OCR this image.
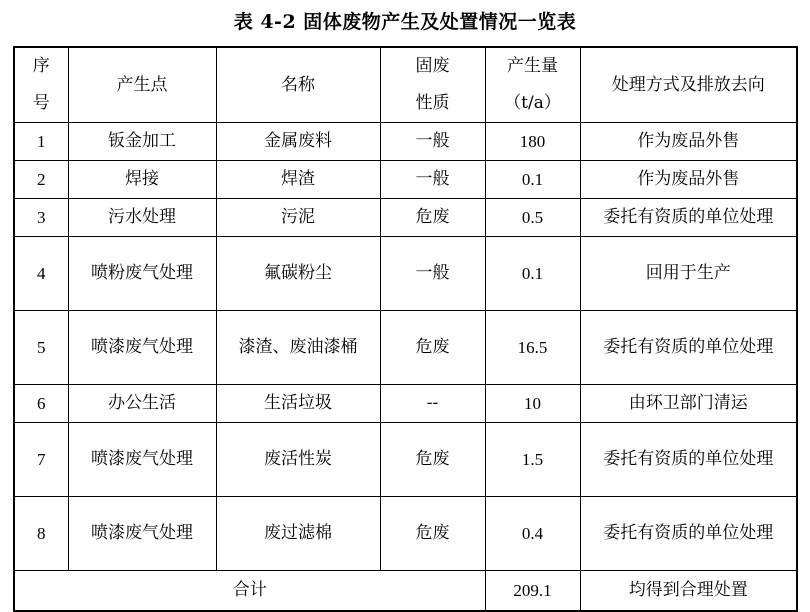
表 4-2 固体废物产生及处置情况一览表
序号	产生点	名称	固废性质	产生量（t/a）	处理方式及排放去向
1	钣金加工	金属废料	一般	180	作为废品外售
2	焊接	焊渣	一般	0.1	作为废品外售
3	污水处理	污泥	危废	0.5	委托有资质的单位处理
4	喷粉废气处理	氟碳粉尘	一般	0.1	回用于生产
5	喷漆废气处理	漆渣、废油漆桶	危废	16.5	委托有资质的单位处理
6	办公生活	生活垃圾	--	10	由环卫部门清运
7	喷漆废气处理	废活性炭	危废	1.5	委托有资质的单位处理
8	喷漆废气处理	废过滤棉	危废	0.4	委托有资质的单位处理
合计				209.1	均得到合理处置
